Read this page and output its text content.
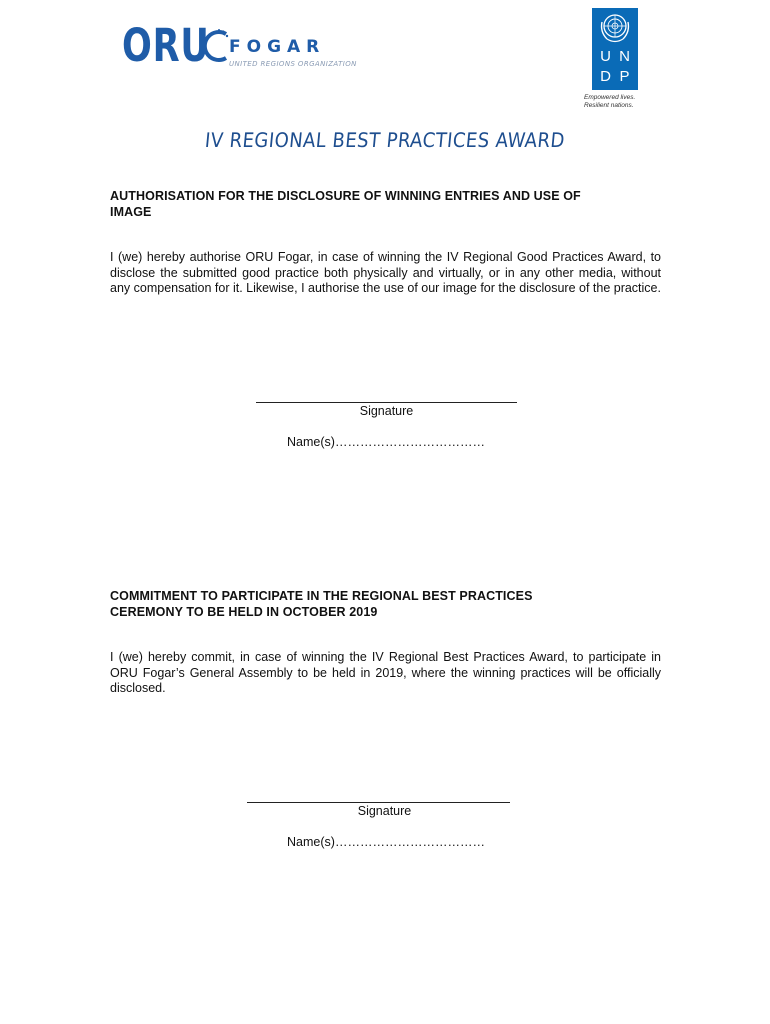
ORU FOGAR
UNITED REGIONS ORGANIZATION	U N
D P
Empowered lives.
Resilient nations.
IV REGIONAL BEST PRACTICES AWARD
AUTHORISATION FOR THE DISCLOSURE OF WINNING ENTRIES AND USE OF
IMAGE
I (we) hereby authorise ORU Fogar, in case of winning the IV Regional Good Practices Award, to disclose the submitted good practice both physically and virtually, or in any other media, without any compensation for it. Likewise, I authorise the use of our image for the disclosure of the practice.
Signature
Name(s)………………………………
COMMITMENT TO PARTICIPATE IN THE REGIONAL BEST PRACTICES
CEREMONY TO BE HELD IN OCTOBER 2019
I (we) hereby commit, in case of winning the IV Regional Best Practices Award, to participate in ORU Fogar’s General Assembly to be held in 2019, where the winning practices will be officially disclosed.
Signature
Name(s)………………………………
